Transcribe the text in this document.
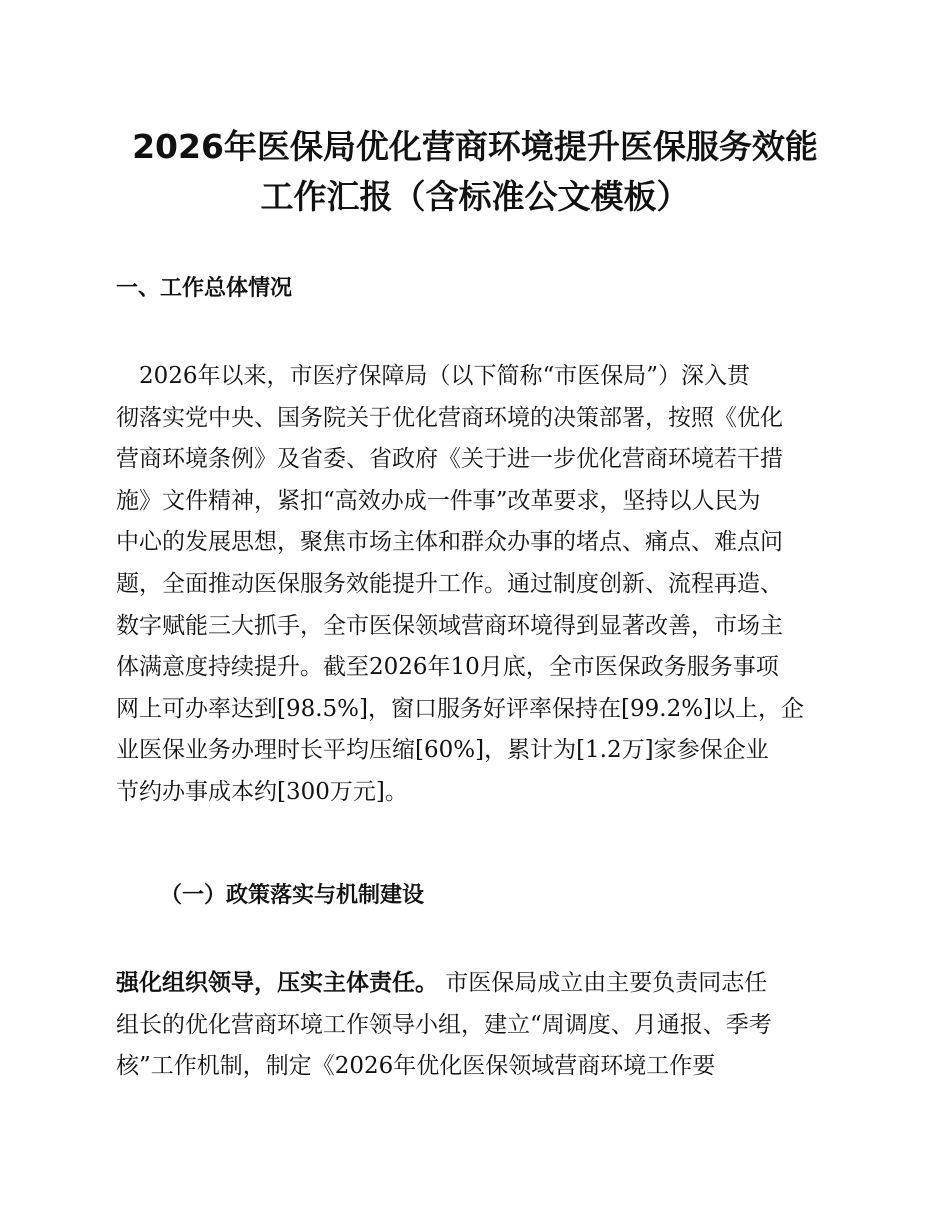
2026年医保局优化营商环境提升医保服务效能
工作汇报（含标准公文模板）
一、工作总体情况
　2026年以来，市医疗保障局（以下简称“市医保局”）深入贯
彻落实党中央、国务院关于优化营商环境的决策部署，按照《优化
营商环境条例》及省委、省政府《关于进一步优化营商环境若干措
施》文件精神，紧扣“高效办成一件事”改革要求，坚持以人民为
中心的发展思想，聚焦市场主体和群众办事的堵点、痛点、难点问
题，全面推动医保服务效能提升工作。通过制度创新、流程再造、
数字赋能三大抓手，全市医保领域营商环境得到显著改善，市场主
体满意度持续提升。截至2026年10月底，全市医保政务服务事项
网上可办率达到[98.5%]，窗口服务好评率保持在[99.2%]以上，企
业医保业务办理时长平均压缩[60%]，累计为[1.2万]家参保企业
节约办事成本约[300万元]。
（一）政策落实与机制建设
强化组织领导，压实主体责任。 市医保局成立由主要负责同志任
组长的优化营商环境工作领导小组，建立“周调度、月通报、季考
核”工作机制，制定《2026年优化医保领域营商环境工作要
